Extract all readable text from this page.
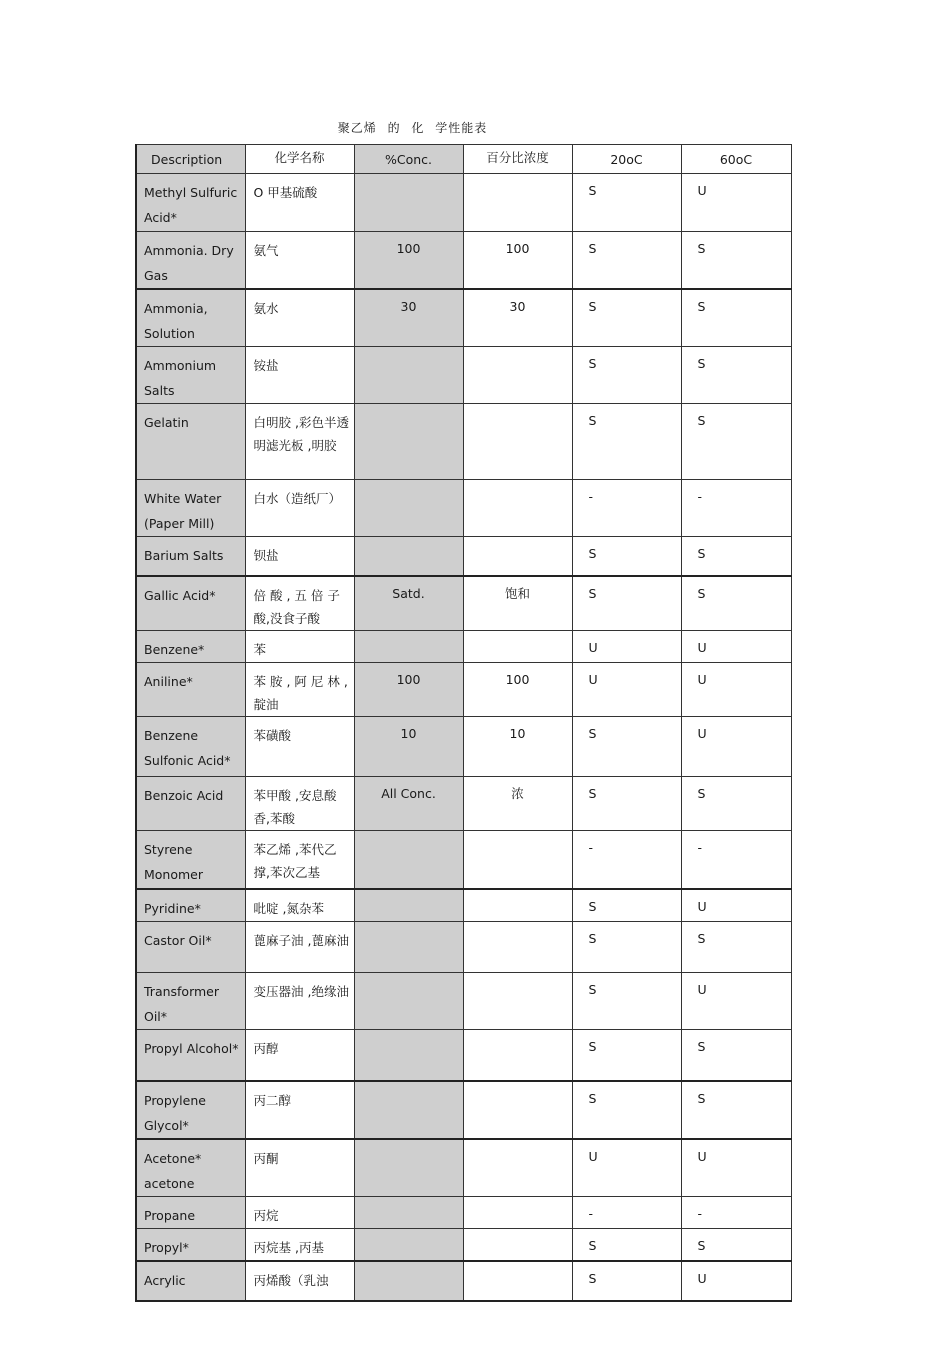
聚乙烯 的 化 学性能表
Description	化学名称	%Conc.	百分比浓度	20oC	60oC
Methyl Sulfuric Acid*	O 甲基硫酸			S	U
Ammonia. Dry Gas	氨气	100	100	S	S
Ammonia, Solution	氨水	30	30	S	S
Ammonium Salts	铵盐			S	S
Gelatin	白明胶 ,彩色半透明滤光板 ,明胶			S	S
White Water (Paper Mill)	白水（造纸厂）			-	-
Barium Salts	钡盐			S	S
Gallic Acid*	倍 酸 , 五 倍 子 酸,没食子酸	Satd.	饱和	S	S
Benzene*	苯			U	U
Aniline*	苯 胺 , 阿 尼 林 , 靛油	100	100	U	U
Benzene Sulfonic Acid*	苯磺酸	10	10	S	U
Benzoic Acid	苯甲酸 ,安息酸香,苯酸	All Conc.	浓	S	S
Styrene Monomer	苯乙烯 ,苯代乙撑,苯次乙基			-	-
Pyridine*	吡啶 ,氮杂苯			S	U
Castor Oil*	蓖麻子油 ,蓖麻油			S	S
Transformer Oil*	变压器油 ,绝缘油			S	U
Propyl Alcohol*	丙醇			S	S
Propylene Glycol*	丙二醇			S	S
Acetone* acetone	丙酮			U	U
Propane	丙烷			-	-
Propyl*	丙烷基 ,丙基			S	S
Acrylic	丙烯酸（乳浊			S	U
